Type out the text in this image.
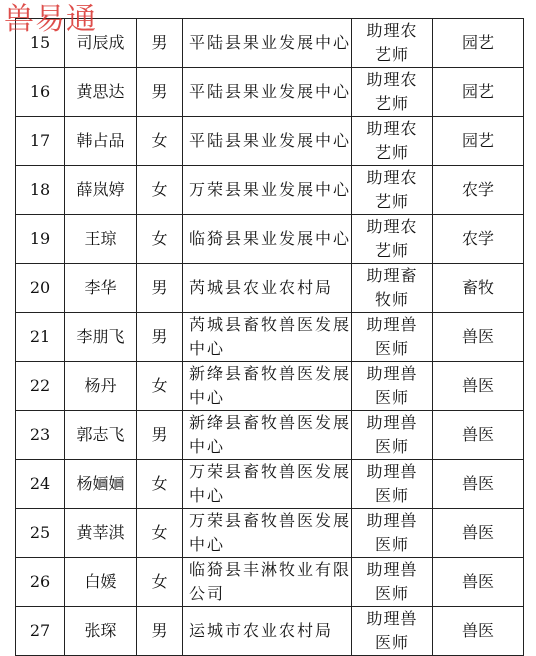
兽易通
15	司辰成	男	平陆县果业发展中心	助理农艺师	园艺
16	黄思达	男	平陆县果业发展中心	助理农艺师	园艺
17	韩占品	女	平陆县果业发展中心	助理农艺师	园艺
18	薛岚婷	女	万荣县果业发展中心	助理农艺师	农学
19	王琼	女	临猗县果业发展中心	助理农艺师	农学
20	李华	男	芮城县农业农村局	助理畜牧师	畜牧
21	李朋飞	男	芮城县畜牧兽医发展中心	助理兽医师	兽医
22	杨丹	女	新绛县畜牧兽医发展中心	助理兽医师	兽医
23	郭志飞	男	新绛县畜牧兽医发展中心	助理兽医师	兽医
24	杨婳婳	女	万荣县畜牧兽医发展中心	助理兽医师	兽医
25	黄莘淇	女	万荣县畜牧兽医发展中心	助理兽医师	兽医
26	白媛	女	临猗县丰淋牧业有限公司	助理兽医师	兽医
27	张琛	男	运城市农业农村局	助理兽医师	兽医
